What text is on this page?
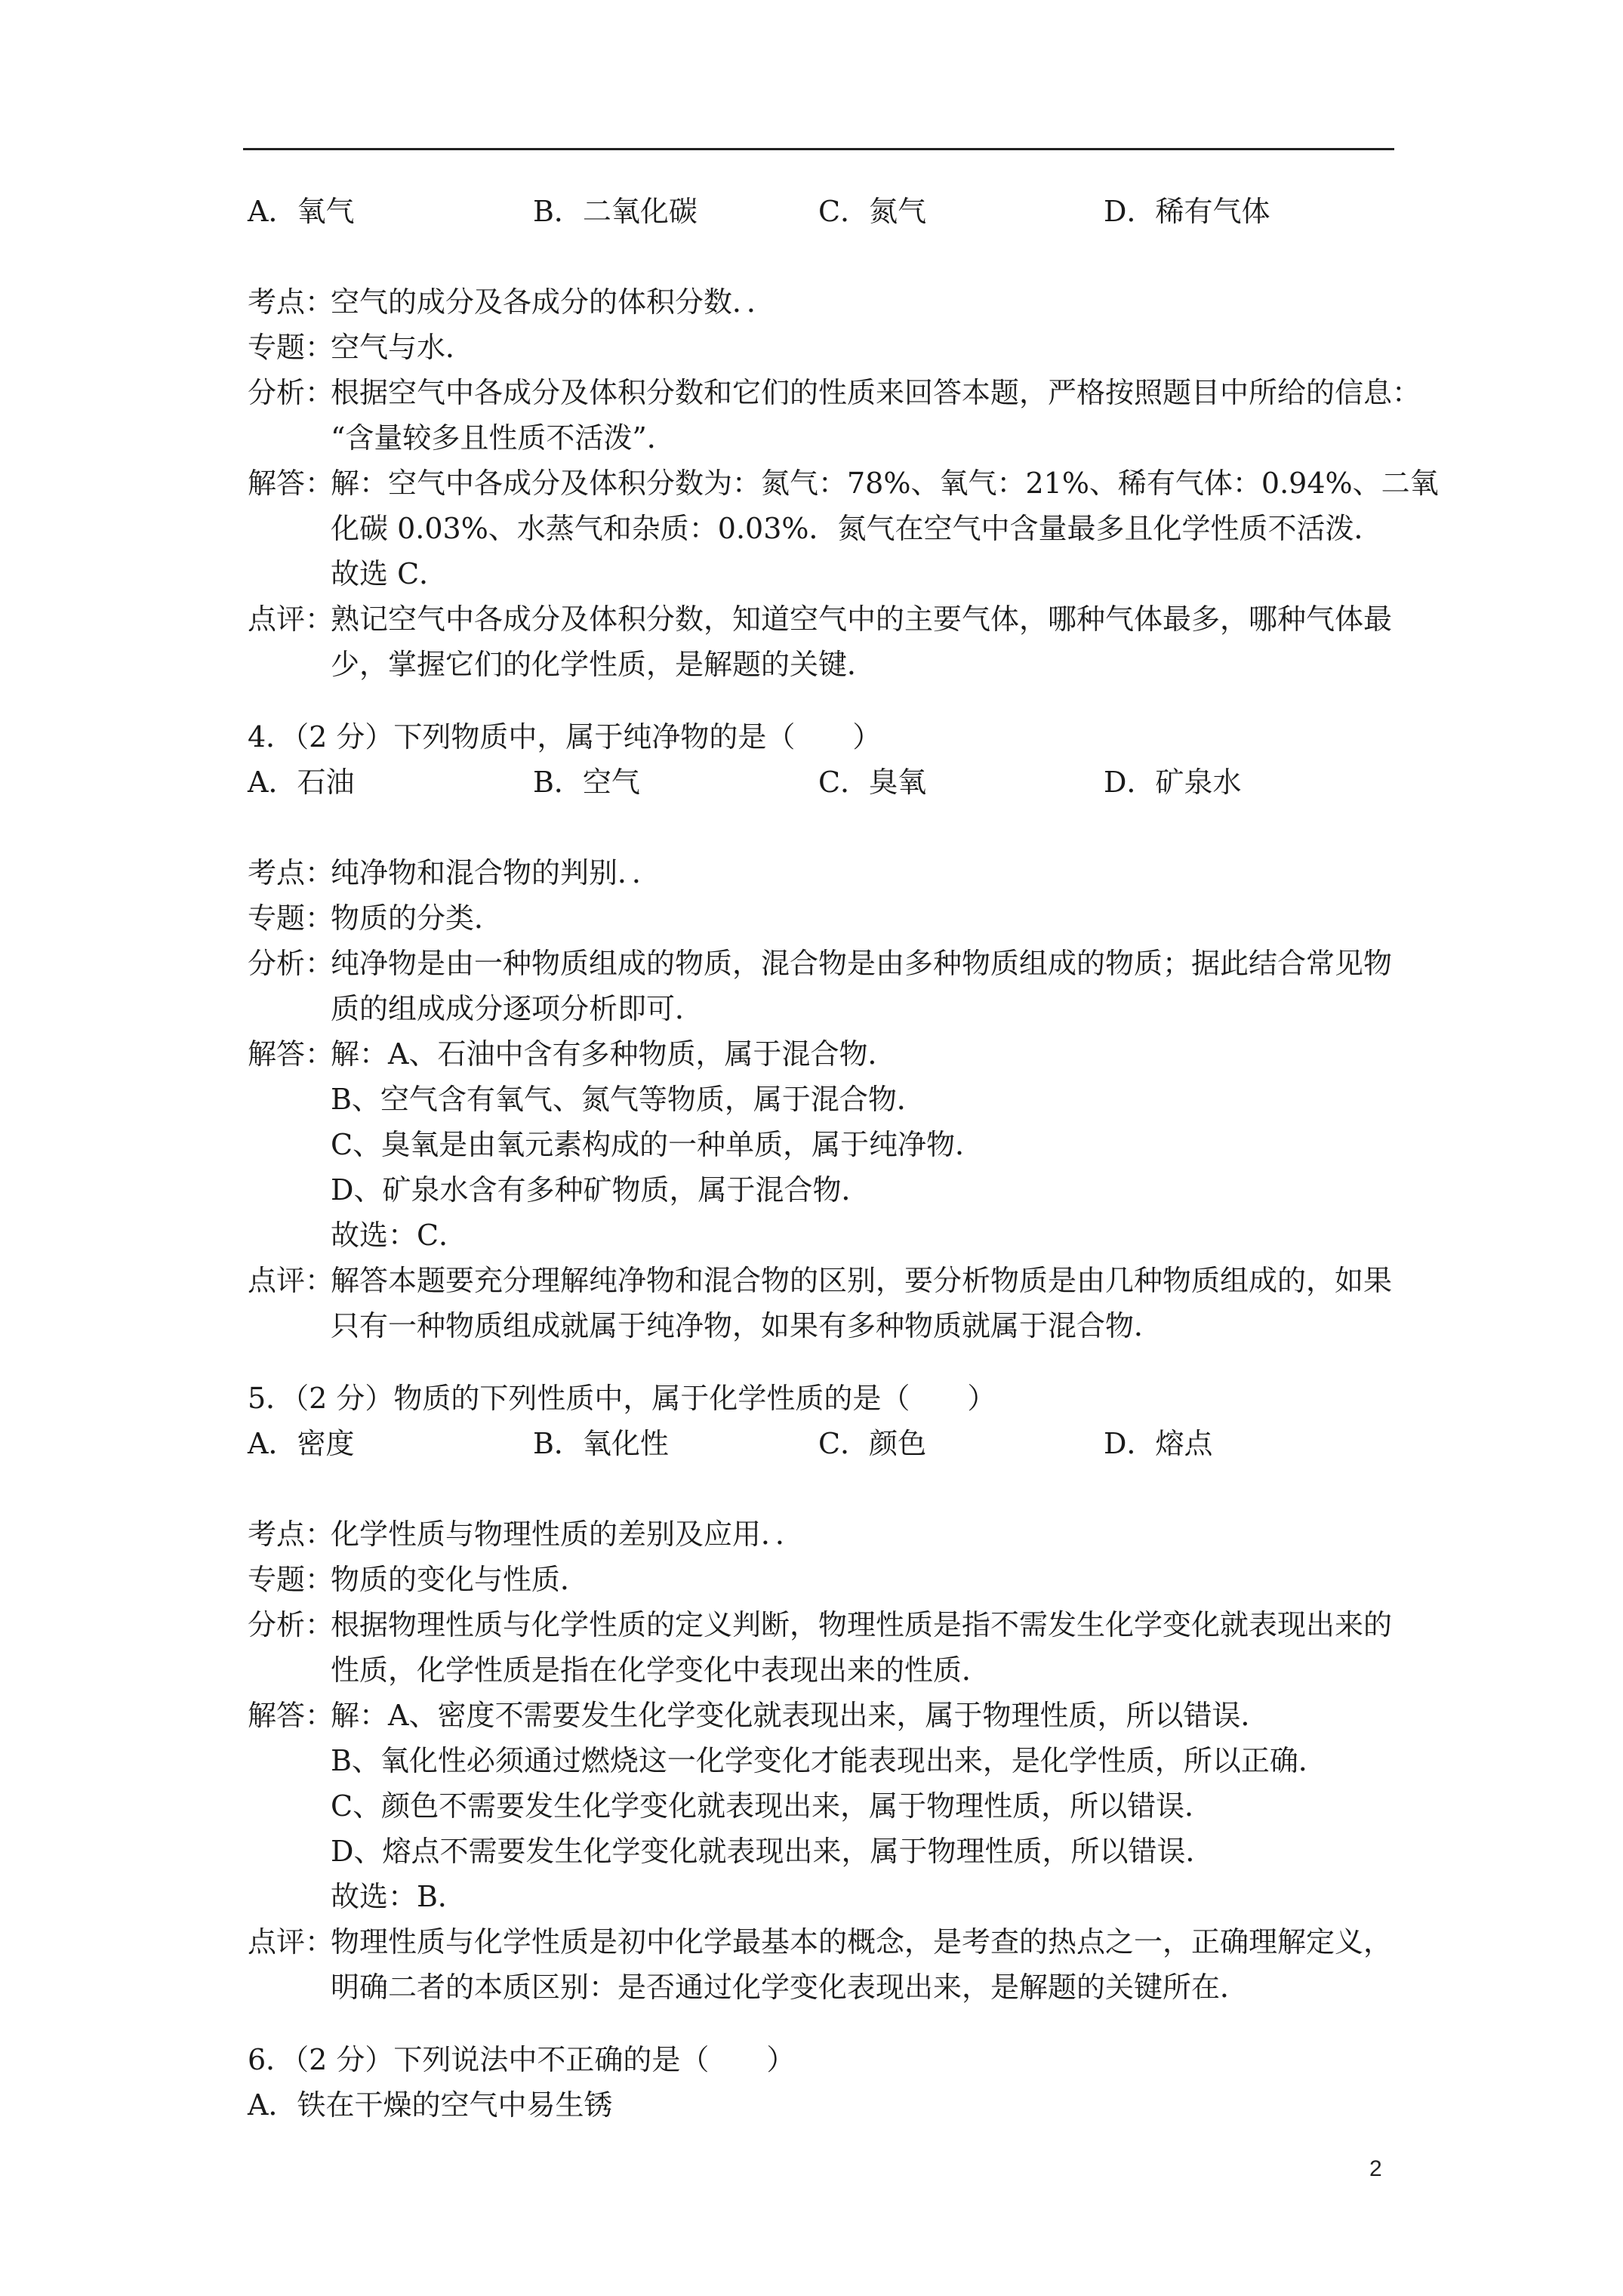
A．氧气	B．二氧化碳	C．氮气	D．稀有气体
考点：
空气的成分及各成分的体积分数．．
专题：
空气与水．
分析：
根据空气中各成分及体积分数和它们的性质来回答本题，严格按照题目中所给的信息：
“含量较多且性质不活泼”．
解答：
解：空气中各成分及体积分数为：氮气：78%、氧气：21%、稀有气体：0.94%、二氧
化碳 0.03%、水蒸气和杂质：0.03%．氮气在空气中含量最多且化学性质不活泼．
故选 C．
点评：
熟记空气中各成分及体积分数，知道空气中的主要气体，哪种气体最多，哪种气体最
少，掌握它们的化学性质，是解题的关键．
4．（2 分）下列物质中，属于纯净物的是（　　）
A．石油	B．空气	C．臭氧	D．矿泉水
考点：
纯净物和混合物的判别．．
专题：
物质的分类．
分析：
纯净物是由一种物质组成的物质，混合物是由多种物质组成的物质；据此结合常见物
质的组成成分逐项分析即可．
解答：
解：A、石油中含有多种物质，属于混合物．
B、空气含有氧气、氮气等物质，属于混合物．
C、臭氧是由氧元素构成的一种单质，属于纯净物．
D、矿泉水含有多种矿物质，属于混合物．
故选：C．
点评：
解答本题要充分理解纯净物和混合物的区别，要分析物质是由几种物质组成的，如果
只有一种物质组成就属于纯净物，如果有多种物质就属于混合物．
5．（2 分）物质的下列性质中，属于化学性质的是（　　）
A．密度	B．氧化性	C．颜色	D．熔点
考点：
化学性质与物理性质的差别及应用．．
专题：
物质的变化与性质．
分析：
根据物理性质与化学性质的定义判断，物理性质是指不需发生化学变化就表现出来的
性质，化学性质是指在化学变化中表现出来的性质．
解答：
解：A、密度不需要发生化学变化就表现出来，属于物理性质，所以错误．
B、氧化性必须通过燃烧这一化学变化才能表现出来，是化学性质，所以正确．
C、颜色不需要发生化学变化就表现出来，属于物理性质，所以错误．
D、熔点不需要发生化学变化就表现出来，属于物理性质，所以错误．
故选：B．
点评：
物理性质与化学性质是初中化学最基本的概念，是考查的热点之一，正确理解定义，
明确二者的本质区别：是否通过化学变化表现出来，是解题的关键所在．
6．（2 分）下列说法中不正确的是（　　）
A．铁在干燥的空气中易生锈
2
